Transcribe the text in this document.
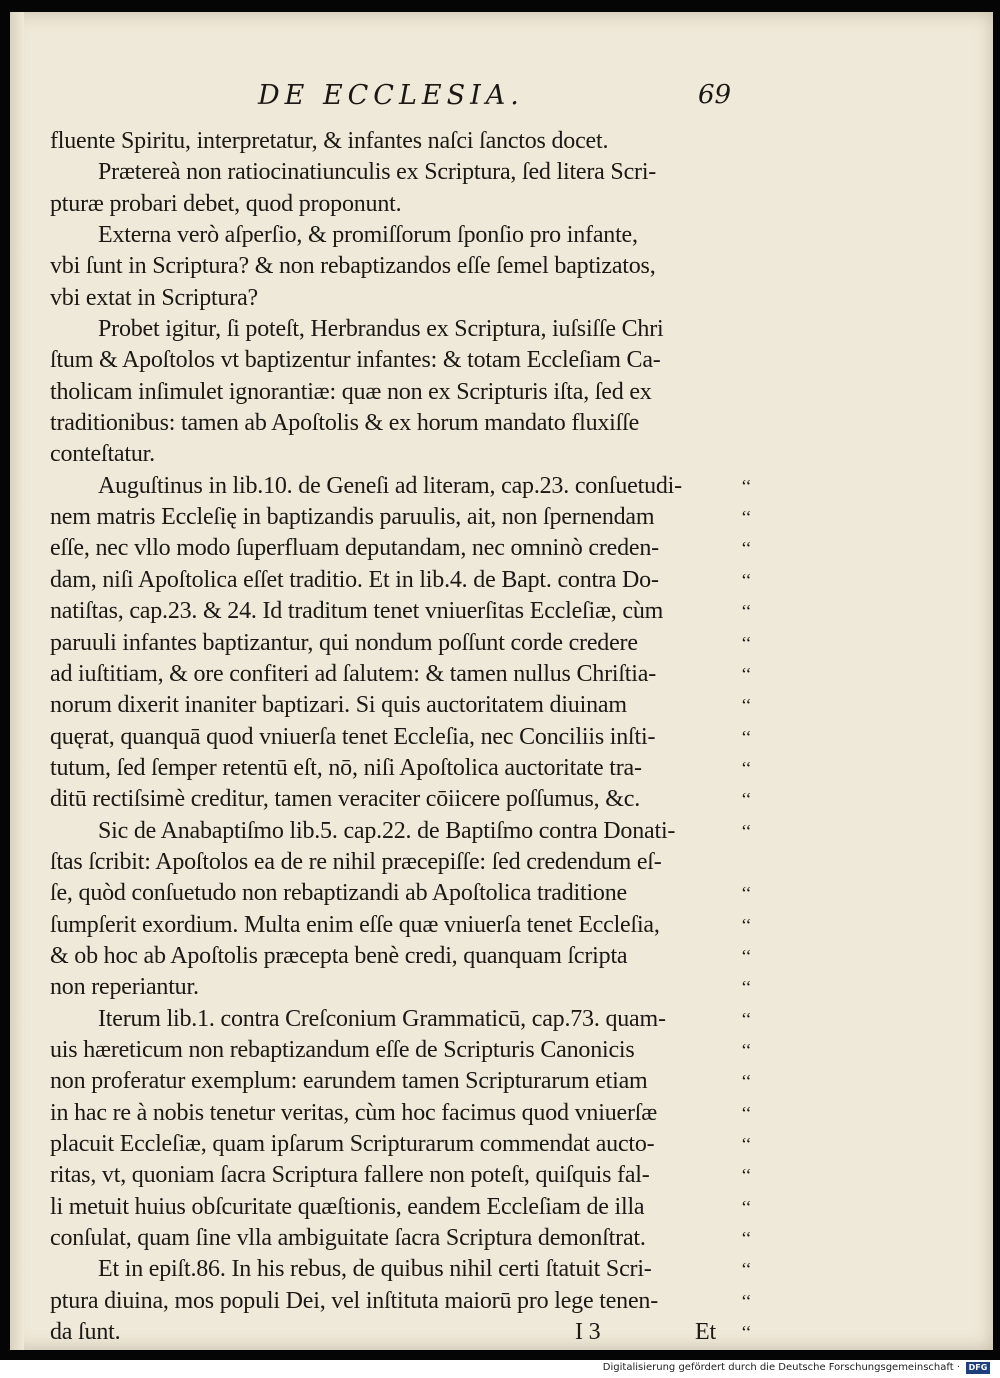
DE ECCLESIA.	69
fluente Spiritu, interpretatur, & infantes naſci ſanctos docet.
Prætereà non ratiocinatiunculis ex Scriptura, ſed litera Scri-
pturæ probari debet, quod proponunt.
Externa verò aſperſio, & promiſſorum ſponſio pro infante,
vbi ſunt in Scriptura? & non rebaptizandos eſſe ſemel baptizatos,
vbi extat in Scriptura?
Probet igitur, ſi poteſt, Herbrandus ex Scriptura, iuſsiſſe Chri
ſtum & Apoſtolos vt baptizentur infantes: & totam Eccleſiam Ca-
tholicam inſimulet ignorantiæ: quæ non ex Scripturis iſta, ſed ex
traditionibus: tamen ab Apoſtolis & ex horum mandato fluxiſſe
conteſtatur.
Auguſtinus in lib.10. de Geneſi ad literam, cap.23. conſuetudi-	‘‘
nem matris Eccleſię in baptizandis paruulis, ait, non ſpernendam	‘‘
eſſe, nec vllo modo ſuperfluam deputandam, nec omninò creden-	‘‘
dam, niſi Apoſtolica eſſet traditio. Et in lib.4. de Bapt. contra Do-	‘‘
natiſtas, cap.23. & 24. Id traditum tenet vniuerſitas Eccleſiæ, cùm	‘‘
paruuli infantes baptizantur, qui nondum poſſunt corde credere	‘‘
ad iuſtitiam, & ore confiteri ad ſalutem: & tamen nullus Chriſtia-	‘‘
norum dixerit inaniter baptizari. Si quis auctoritatem diuinam	‘‘
quęrat, quanquā quod vniuerſa tenet Eccleſia, nec Conciliis inſti-	‘‘
tutum, ſed ſemper retentū eſt, nō, niſi Apoſtolica auctoritate tra-	‘‘
ditū rectiſsimè creditur, tamen veraciter cōiicere poſſumus, &c.	‘‘
Sic de Anabaptiſmo lib.5. cap.22. de Baptiſmo contra Donati-	‘‘
ſtas ſcribit: Apoſtolos ea de re nihil præcepiſſe: ſed credendum eſ-
ſe, quòd conſuetudo non rebaptizandi ab Apoſtolica traditione	‘‘
ſumpſerit exordium. Multa enim eſſe quæ vniuerſa tenet Eccleſia,	‘‘
& ob hoc ab Apoſtolis præcepta benè credi, quanquam ſcripta	‘‘
non reperiantur.	‘‘
Iterum lib.1. contra Creſconium Grammaticū, cap.73. quam-	‘‘
uis hæreticum non rebaptizandum eſſe de Scripturis Canonicis	‘‘
non proferatur exemplum: earundem tamen Scripturarum etiam	‘‘
in hac re à nobis tenetur veritas, cùm hoc facimus quod vniuerſæ	‘‘
placuit Eccleſiæ, quam ipſarum Scripturarum commendat aucto-	‘‘
ritas, vt, quoniam ſacra Scriptura fallere non poteſt, quiſquis fal-	‘‘
li metuit huius obſcuritate quæſtionis, eandem Eccleſiam de illa	‘‘
conſulat, quam ſine vlla ambiguitate ſacra Scriptura demonſtrat.	‘‘
Et in epiſt.86. In his rebus, de quibus nihil certi ſtatuit Scri-	‘‘
ptura diuina, mos populi Dei, vel inſtituta maiorū pro lege tenen-	‘‘
da ſunt.	I 3	Et ‘‘
Digitalisierung gefördert durch die Deutsche Forschungsgemeinschaft ·	DFG
